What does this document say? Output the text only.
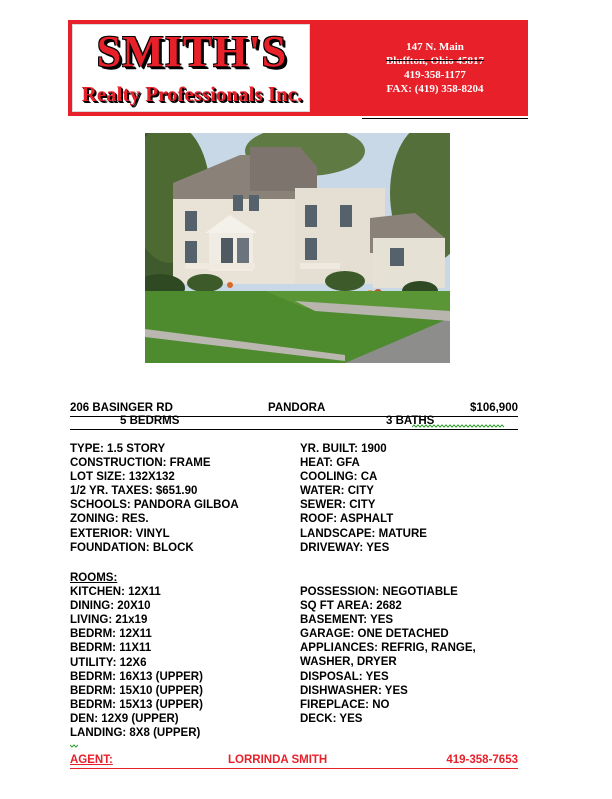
SMITH'S
Realty Professionals Inc.
147 N. Main
Bluffton, Ohio 45817
419-358-1177
FAX: (419) 358-8204
206 BASINGER RD	PANDORA	$106,900
5 BEDRMS	3 BATHS
TYPE: 1.5 STORY
CONSTRUCTION: FRAME
LOT SIZE: 132X132
1/2 YR. TAXES: $651.90
SCHOOLS: PANDORA GILBOA
ZONING: RES.
EXTERIOR: VINYL
FOUNDATION: BLOCK
YR. BUILT: 1900
HEAT: GFA
COOLING: CA
WATER: CITY
SEWER: CITY
ROOF: ASPHALT
LANDSCAPE: MATURE
DRIVEWAY: YES
ROOMS:
KITCHEN: 12X11
DINING: 20X10
LIVING: 21x19
BEDRM: 12X11
BEDRM: 11X11
UTILITY: 12X6
BEDRM: 16X13 (UPPER)
BEDRM: 15X10 (UPPER)
BEDRM: 15X13 (UPPER)
DEN: 12X9 (UPPER)
LANDING: 8X8 (UPPER)
POSSESSION: NEGOTIABLE
SQ FT AREA: 2682
BASEMENT: YES
GARAGE: ONE DETACHED
APPLIANCES: REFRIG, RANGE,
WASHER, DRYER
DISPOSAL: YES
DISHWASHER: YES
FIREPLACE: NO
DECK: YES
AGENT:	LORRINDA SMITH	419-358-7653
